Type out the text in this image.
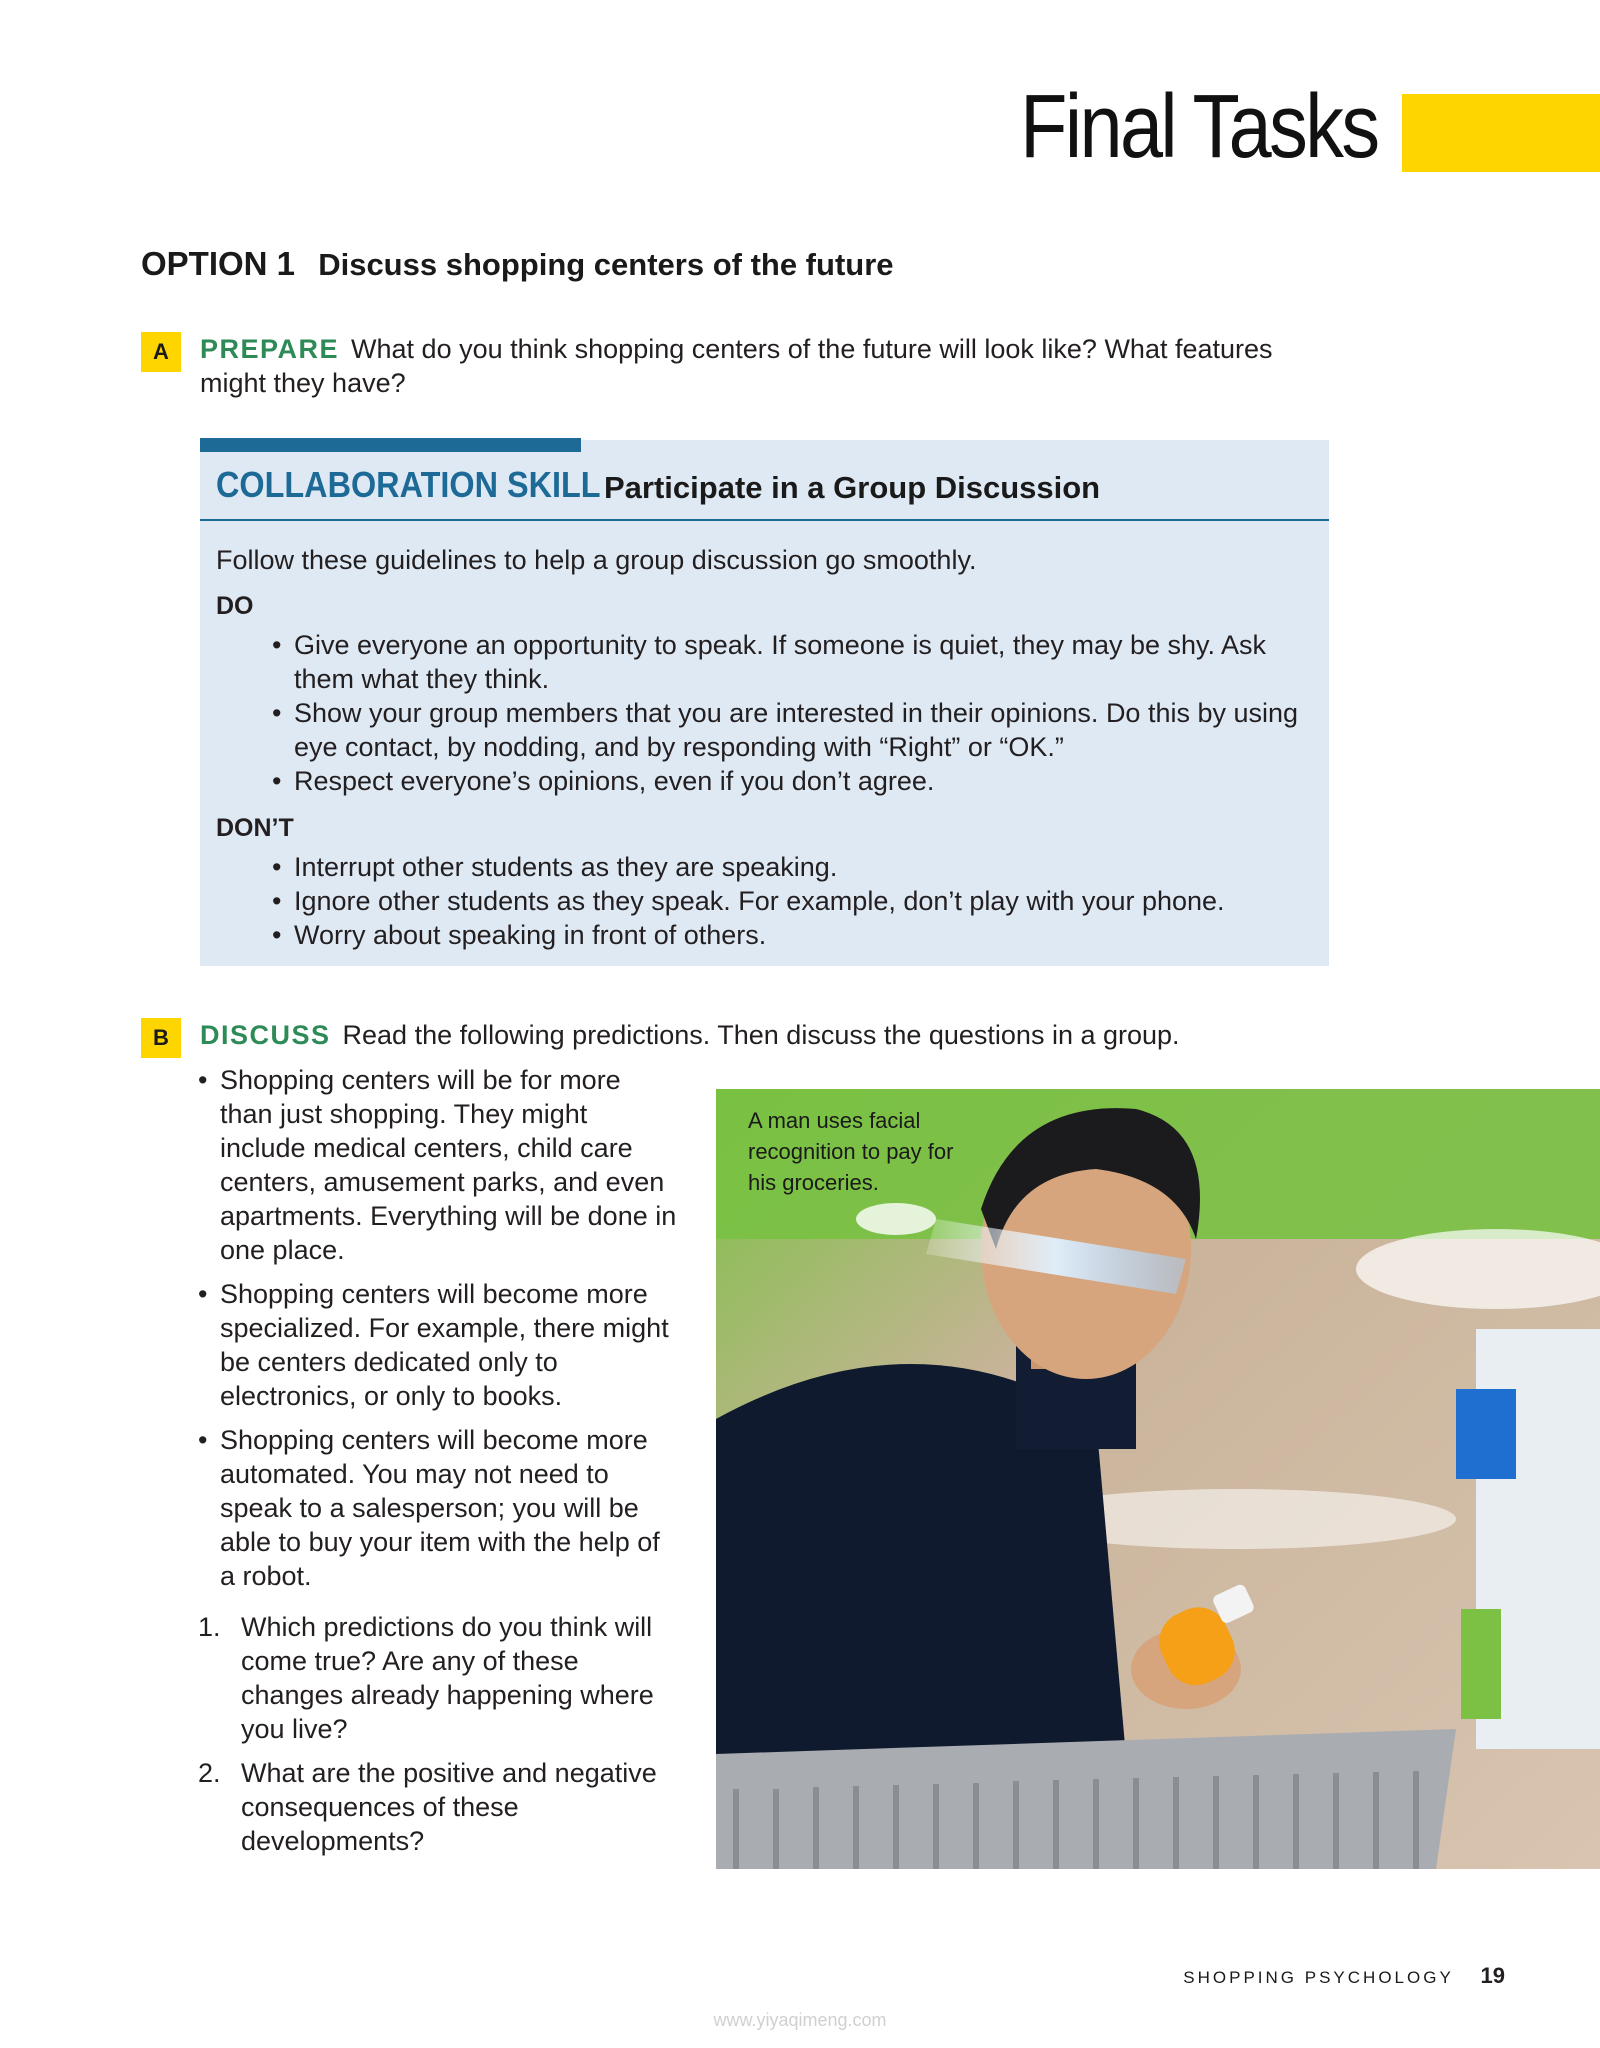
Final Tasks
OPTION 1 Discuss shopping centers of the future
A	PREPARE What do you think shopping centers of the future will look like? What features might they have?
COLLABORATION SKILL Participate in a Group Discussion
Follow these guidelines to help a group discussion go smoothly.
DO
• Give everyone an opportunity to speak. If someone is quiet, they may be shy. Ask them what they think.
• Show your group members that you are interested in their opinions. Do this by using eye contact, by nodding, and by responding with “Right” or “OK.”
• Respect everyone’s opinions, even if you don’t agree.
DON’T
• Interrupt other students as they are speaking.
• Ignore other students as they speak. For example, don’t play with your phone.
• Worry about speaking in front of others.
B	DISCUSS Read the following predictions. Then discuss the questions in a group.
• Shopping centers will be for more than just shopping. They might include medical centers, child care centers, amusement parks, and even apartments. Everything will be done in one place.
• Shopping centers will become more specialized. For example, there might be centers dedicated only to electronics, or only to books.
• Shopping centers will become more automated. You may not need to speak to a salesperson; you will be able to buy your item with the help of a robot.
1. Which predictions do you think will come true? Are any of these changes already happening where you live?
2. What are the positive and negative consequences of these developments?
A man uses facial recognition to pay for his groceries.
SHOPPING PSYCHOLOGY 19
www.yiyaqimeng.com
